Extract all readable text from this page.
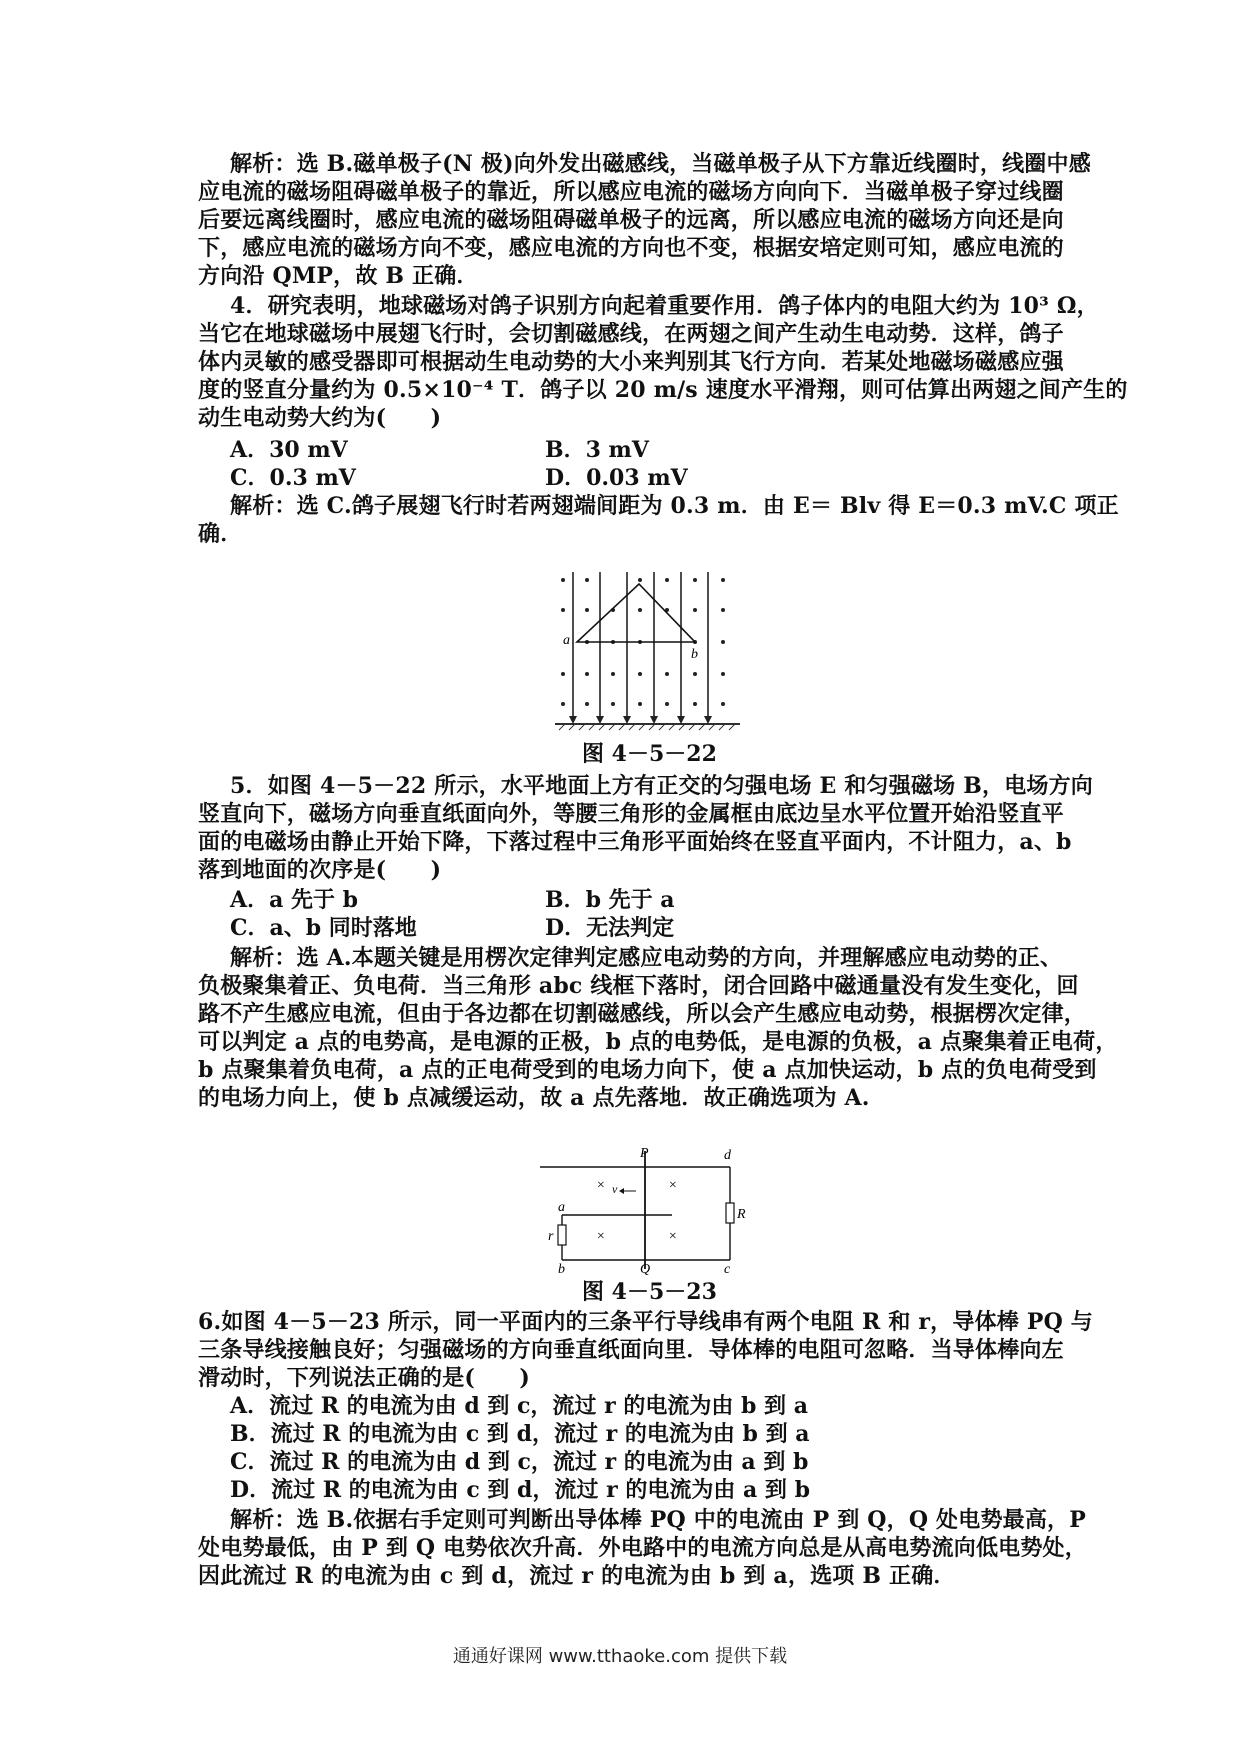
解析：选 B.磁单极子(N 极)向外发出磁感线，当磁单极子从下方靠近线圈时，线圈中感
应电流的磁场阻碍磁单极子的靠近，所以感应电流的磁场方向向下．当磁单极子穿过线圈
后要远离线圈时，感应电流的磁场阻碍磁单极子的远离，所以感应电流的磁场方向还是向
下，感应电流的磁场方向不变，感应电流的方向也不变，根据安培定则可知，感应电流的
方向沿 QMP，故 B 正确．
4．研究表明，地球磁场对鸽子识别方向起着重要作用．鸽子体内的电阻大约为 10³ Ω，
当它在地球磁场中展翅飞行时，会切割磁感线，在两翅之间产生动生电动势．这样，鸽子
体内灵敏的感受器即可根据动生电动势的大小来判别其飞行方向．若某处地磁场磁感应强
度的竖直分量约为 0.5×10⁻⁴ T．鸽子以 20 m/s 速度水平滑翔，则可估算出两翅之间产生的
动生电动势大约为(　　)
A．30 mV	B．3 mV
C．0.3 mV	D．0.03 mV
解析：选 C.鸽子展翅飞行时若两翅端间距为 0.3 m．由 E＝ Blv 得 E＝0.3 mV.C 项正
确．
a
b
图 4－5－22
5．如图 4－5－22 所示，水平地面上方有正交的匀强电场 E 和匀强磁场 B，电场方向
竖直向下，磁场方向垂直纸面向外，等腰三角形的金属框由底边呈水平位置开始沿竖直平
面的电磁场由静止开始下降，下落过程中三角形平面始终在竖直平面内，不计阻力，a、b
落到地面的次序是(　　)
A．a 先于 b	B．b 先于 a
C．a、b 同时落地	D．无法判定
解析：选 A.本题关键是用楞次定律判定感应电动势的方向，并理解感应电动势的正、
负极聚集着正、负电荷．当三角形 abc 线框下落时，闭合回路中磁通量没有发生变化，回
路不产生感应电流，但由于各边都在切割磁感线，所以会产生感应电动势，根据楞次定律，
可以判定 a 点的电势高，是电源的正极，b 点的电势低，是电源的负极，a 点聚集着正电荷，
b 点聚集着负电荷，a 点的正电荷受到的电场力向下，使 a 点加快运动，b 点的负电荷受到
的电场力向上，使 b 点减缓运动，故 a 点先落地．故正确选项为 A.
v
×	×
×	×
P
Q
d
c
a
b
r
R
图 4－5－23
6.如图 4－5－23 所示，同一平面内的三条平行导线串有两个电阻 R 和 r，导体棒 PQ 与
三条导线接触良好；匀强磁场的方向垂直纸面向里．导体棒的电阻可忽略．当导体棒向左
滑动时，下列说法正确的是(　　)
A．流过 R 的电流为由 d 到 c，流过 r 的电流为由 b 到 a
B．流过 R 的电流为由 c 到 d，流过 r 的电流为由 b 到 a
C．流过 R 的电流为由 d 到 c，流过 r 的电流为由 a 到 b
D．流过 R 的电流为由 c 到 d，流过 r 的电流为由 a 到 b
解析：选 B.依据右手定则可判断出导体棒 PQ 中的电流由 P 到 Q，Q 处电势最高，P
处电势最低，由 P 到 Q 电势依次升高．外电路中的电流方向总是从高电势流向低电势处，
因此流过 R 的电流为由 c 到 d，流过 r 的电流为由 b 到 a，选项 B 正确．
通通好课网 www.tthaoke.com 提供下载
